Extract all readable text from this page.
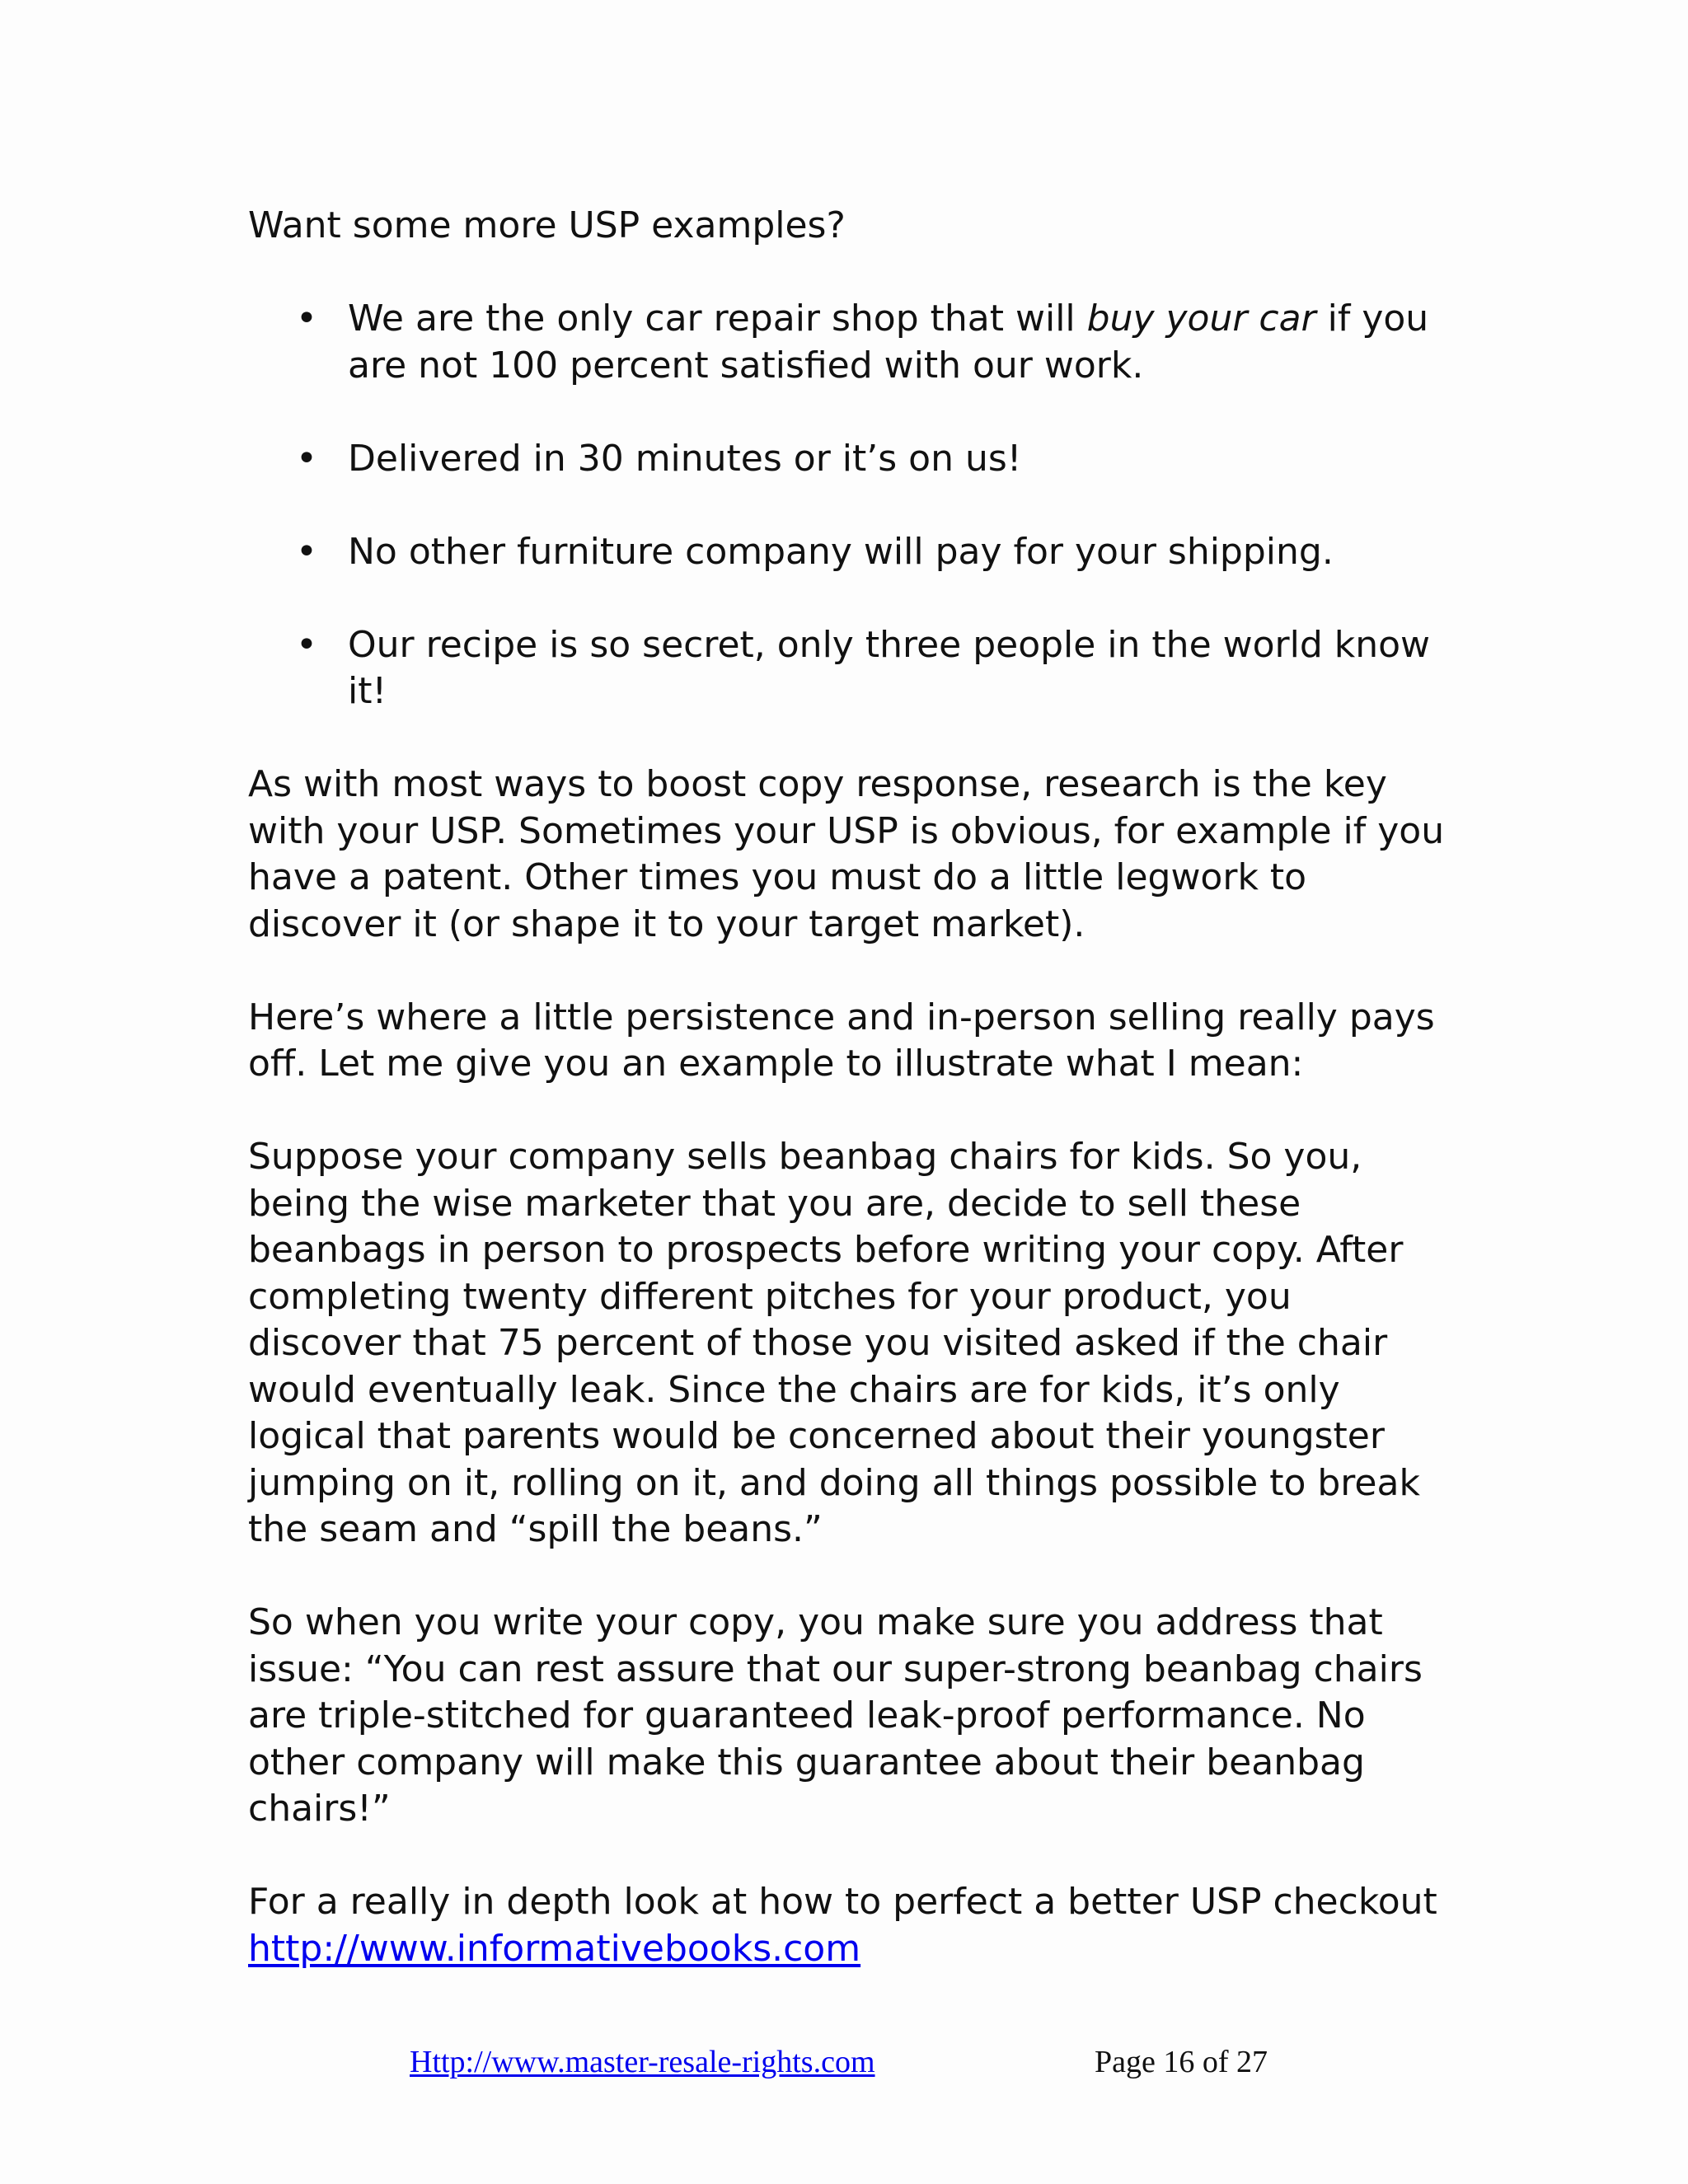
Want some more USP examples?

• We are the only car repair shop that will buy your car if you are not 100 percent satisfied with our work.
• Delivered in 30 minutes or it’s on us!
• No other furniture company will pay for your shipping.
• Our recipe is so secret, only three people in the world know it!

As with most ways to boost copy response, research is the key with your USP. Sometimes your USP is obvious, for example if you have a patent. Other times you must do a little legwork to discover it (or shape it to your target market).

Here’s where a little persistence and in-person selling really pays off. Let me give you an example to illustrate what I mean:

Suppose your company sells beanbag chairs for kids. So you, being the wise marketer that you are, decide to sell these beanbags in person to prospects before writing your copy. After completing twenty different pitches for your product, you discover that 75 percent of those you visited asked if the chair would eventually leak. Since the chairs are for kids, it’s only logical that parents would be concerned about their youngster jumping on it, rolling on it, and doing all things possible to break the seam and “spill the beans.”

So when you write your copy, you make sure you address that issue: “You can rest assure that our super-strong beanbag chairs are triple-stitched for guaranteed leak-proof performance. No other company will make this guarantee about their beanbag chairs!”

For a really in depth look at how to perfect a better USP checkout
http://www.informativebooks.com

Http://www.master-resale-rights.com	Page 16 of 27
